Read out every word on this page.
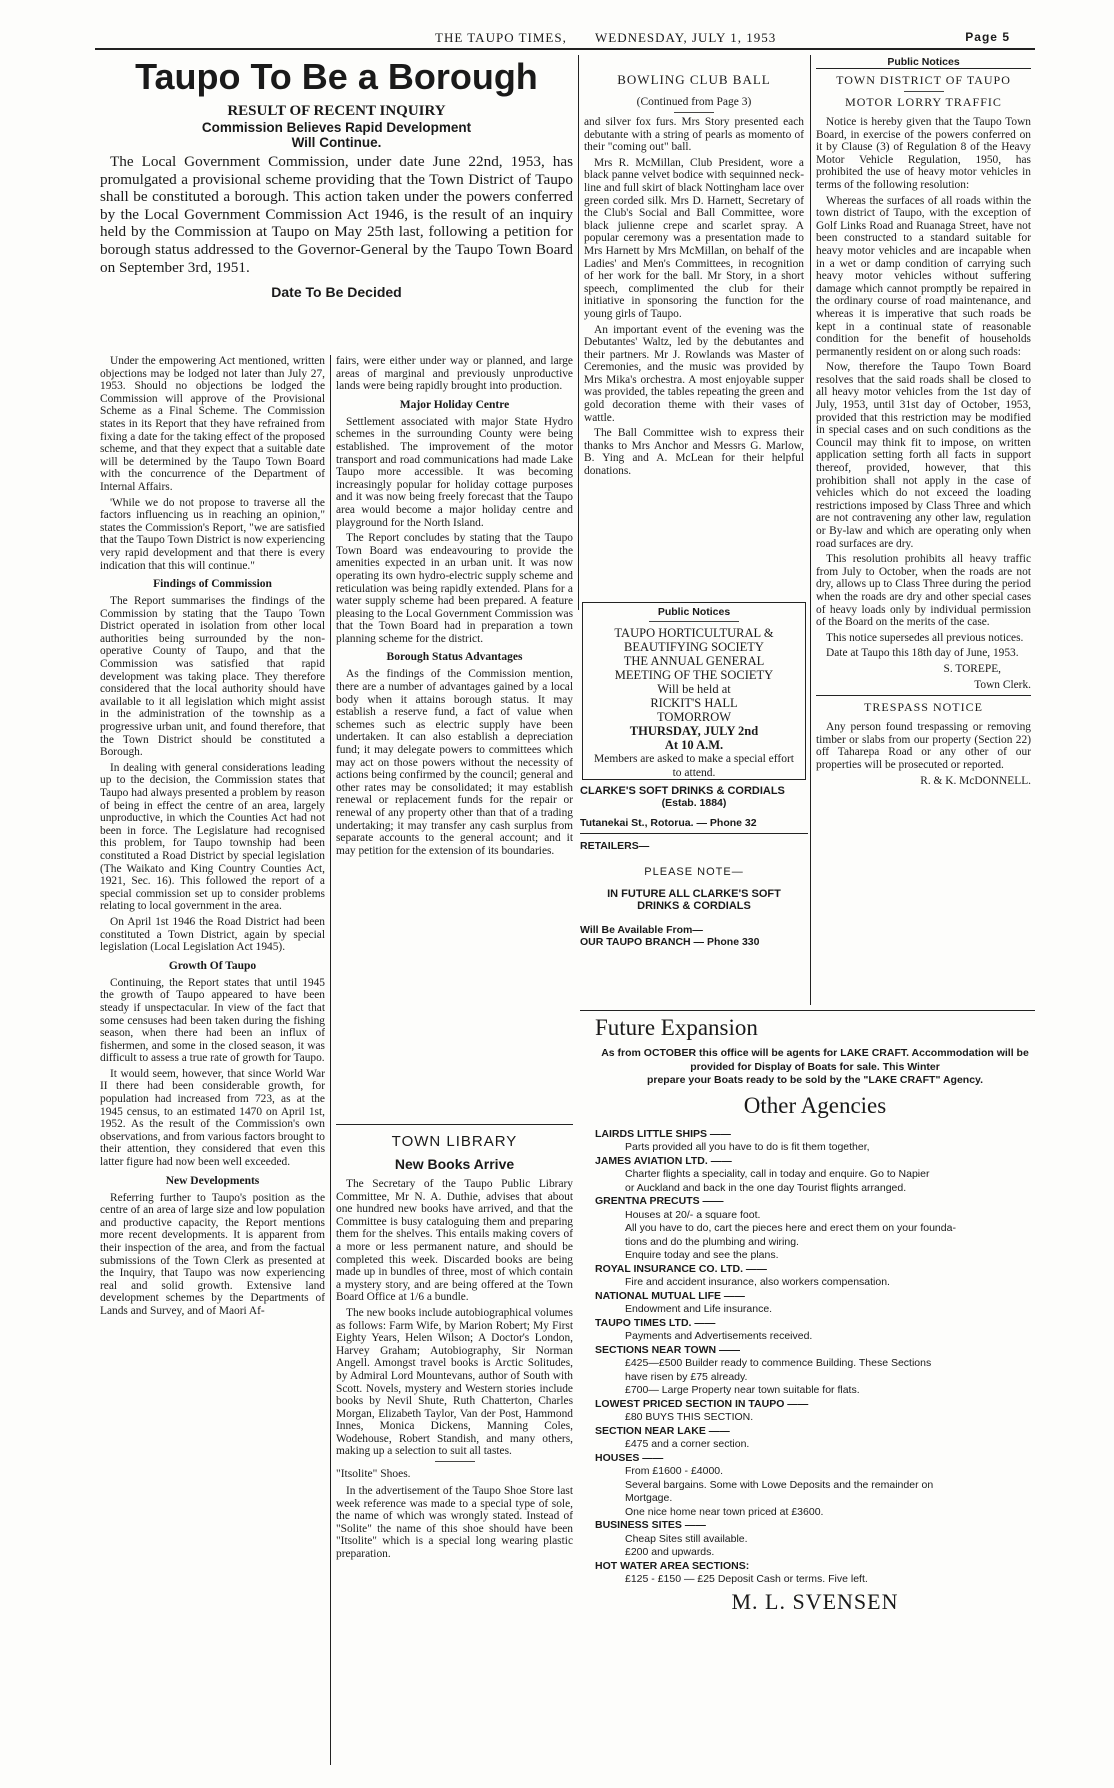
THE TAUPO TIMES, WEDNESDAY, JULY 1, 1953	Page 5
Taupo To Be a Borough
RESULT OF RECENT INQUIRY
Commission Believes Rapid Development
Will Continue.

The Local Government Commission, under date June 22nd, 1953, has promulgated a provisional scheme providing that the Town District of Taupo shall be constituted a borough. This action taken under the powers conferred by the Local Government Commission Act 1946, is the result of an inquiry held by the Commission at Taupo on May 25th last, following a petition for borough status addressed to the Governor-General by the Taupo Town Board on September 3rd, 1951.

Date To Be Decided

Under the empowering Act mentioned, written objections may be lodged not later than July 27, 1953. Should no objections be lodged the Commission will approve of the Provisional Scheme as a Final Scheme. The Commission states in its Report that they have refrained from fixing a date for the taking effect of the proposed scheme, and that they expect that a suitable date will be determined by the Taupo Town Board with the concurrence of the Department of Internal Affairs.

'While we do not propose to traverse all the factors influencing us in reaching an opinion," states the Commission's Report, "we are satisfied that the Taupo Town District is now experiencing very rapid development and that there is every indication that this will continue."

Findings of Commission

The Report summarises the findings of the Commission by stating that the Taupo Town District operated in isolation from other local authorities being surrounded by the non-operative County of Taupo, and that the Commission was satisfied that rapid development was taking place. They therefore considered that the local authority should have available to it all legislation which might assist in the administration of the township as a progressive urban unit, and found therefore, that the Town District should be constituted a Borough.

In dealing with general considerations leading up to the decision, the Commission states that Taupo had always presented a problem by reason of being in effect the centre of an area, largely unproductive, in which the Counties Act had not been in force. The Legislature had recognised this problem, for Taupo township had been constituted a Road District by special legislation (The Waikato and King Country Counties Act, 1921, Sec. 16). This followed the report of a special commission set up to consider problems relating to local government in the area.

On April 1st 1946 the Road District had been constituted a Town District, again by special legislation (Local Legislation Act 1945).

Growth Of Taupo

Continuing, the Report states that until 1945 the growth of Taupo appeared to have been steady if unspectacular. In view of the fact that some censuses had been taken during the fishing season, when there had been an influx of fishermen, and some in the closed season, it was difficult to assess a true rate of growth for Taupo.

It would seem, however, that since World War II there had been considerable growth, for population had increased from 723, as at the 1945 census, to an estimated 1470 on April 1st, 1952. As the result of the Commission's own observations, and from various factors brought to their attention, they considered that even this latter figure had now been well exceeded.

New Developments

Referring further to Taupo's position as the centre of an area of large size and low population and productive capacity, the Report mentions more recent developments. It is apparent from their inspection of the area, and from the factual submissions of the Town Clerk as presented at the Inquiry, that Taupo was now experiencing real and solid growth. Extensive land development schemes by the Departments of Lands and Survey, and of Maori Af-

fairs, were either under way or planned, and large areas of marginal and previously unproductive lands were being rapidly brought into production.

Major Holiday Centre

Settlement associated with major State Hydro schemes in the surrounding County were being established. The improvement of the motor transport and road communications had made Lake Taupo more accessible. It was becoming increasingly popular for holiday cottage purposes and it was now being freely forecast that the Taupo area would become a major holiday centre and playground for the North Island.

The Report concludes by stating that the Taupo Town Board was endeavouring to provide the amenities expected in an urban unit. It was now operating its own hydro-electric supply scheme and reticulation was being rapidly extended. Plans for a water supply scheme had been prepared. A feature pleasing to the Local Government Commission was that the Town Board had in preparation a town planning scheme for the district.

Borough Status Advantages

As the findings of the Commission mention, there are a number of advantages gained by a local body when it attains borough status. It may establish a reserve fund, a fact of value when schemes such as electric supply have been undertaken. It can also establish a depreciation fund; it may delegate powers to committees which may act on those powers without the necessity of actions being confirmed by the council; general and other rates may be consolidated; it may establish renewal or replacement funds for the repair or renewal of any property other than that of a trading undertaking; it may transfer any cash surplus from separate accounts to the general account; and it may petition for the extension of its boundaries.

TOWN LIBRARY
New Books Arrive

The Secretary of the Taupo Public Library Committee, Mr N. A. Duthie, advises that about one hundred new books have arrived, and that the Committee is busy cataloguing them and preparing them for the shelves. This entails making covers of a more or less permanent nature, and should be completed this week. Discarded books are being made up in bundles of three, most of which contain a mystery story, and are being offered at the Town Board Office at 1/6 a bundle.

The new books include autobiographical volumes as follows: Farm Wife, by Marion Robert; My First Eighty Years, Helen Wilson; A Doctor's London, Harvey Graham; Autobiography, Sir Norman Angell. Amongst travel books is Arctic Solitudes, by Admiral Lord Mountevans, author of South with Scott. Novels, mystery and Western stories include books by Nevil Shute, Ruth Chatterton, Charles Morgan, Elizabeth Taylor, Van der Post, Hammond Innes, Monica Dickens, Manning Coles, Wodehouse, Robert Standish, and many others, making up a selection to suit all tastes.

"Itsolite" Shoes.

In the advertisement of the Taupo Shoe Store last week reference was made to a special type of sole, the name of which was wrongly stated. Instead of "Solite" the name of this shoe should have been "Itsolite" which is a special long wearing plastic preparation.

BOWLING CLUB BALL
(Continued from Page 3)

and silver fox furs. Mrs Story presented each debutante with a string of pearls as momento of their "coming out" ball.

Mrs R. McMillan, Club President, wore a black panne velvet bodice with sequinned neck-line and full skirt of black Nottingham lace over green corded silk. Mrs D. Harnett, Secretary of the Club's Social and Ball Committee, wore black julienne crepe and scarlet spray. A popular ceremony was a presentation made to Mrs Harnett by Mrs McMillan, on behalf of the Ladies' and Men's Committees, in recognition of her work for the ball. Mr Story, in a short speech, complimented the club for their initiative in sponsoring the function for the young girls of Taupo.

An important event of the evening was the Debutantes' Waltz, led by the debutantes and their partners. Mr J. Rowlands was Master of Ceremonies, and the music was provided by Mrs Mika's orchestra. A most enjoyable supper was provided, the tables repeating the green and gold decoration theme with their vases of wattle.

The Ball Committee wish to express their thanks to Mrs Anchor and Messrs G. Marlow, B. Ying and A. McLean for their helpful donations.

Public Notices
TAUPO HORTICULTURAL &
BEAUTIFYING SOCIETY
THE ANNUAL GENERAL
MEETING OF THE SOCIETY
Will be held at
RICKIT'S HALL
TOMORROW
THURSDAY, JULY 2nd
At 10 A.M.
Members are asked to make a special effort to attend.
CLARKE'S SOFT DRINKS & CORDIALS
(Estab. 1884)
Tutanekai St., Rotorua. — Phone 32
RETAILERS—
PLEASE NOTE—
IN FUTURE ALL CLARKE'S SOFT
DRINKS & CORDIALS
Will Be Available From—
OUR TAUPO BRANCH — Phone 330
Public Notices
TOWN DISTRICT OF TAUPO
MOTOR LORRY TRAFFIC

Notice is hereby given that the Taupo Town Board, in exercise of the powers conferred on it by Clause (3) of Regulation 8 of the Heavy Motor Vehicle Regulation, 1950, has prohibited the use of heavy motor vehicles in terms of the following resolution:

Whereas the surfaces of all roads within the town district of Taupo, with the exception of Golf Links Road and Ruanaga Street, have not been constructed to a standard suitable for heavy motor vehicles and are incapable when in a wet or damp condition of carrying such heavy motor vehicles without suffering damage which cannot promptly be repaired in the ordinary course of road maintenance, and whereas it is imperative that such roads be kept in a continual state of reasonable condition for the benefit of households permanently resident on or along such roads:

Now, therefore the Taupo Town Board resolves that the said roads shall be closed to all heavy motor vehicles from the 1st day of July, 1953, until 31st day of October, 1953, provided that this restriction may be modified in special cases and on such conditions as the Council may think fit to impose, on written application setting forth all facts in support thereof, provided, however, that this prohibition shall not apply in the case of vehicles which do not exceed the loading restrictions imposed by Class Three and which are not contravening any other law, regulation or By-law and which are operating only when road surfaces are dry.

This resolution prohibits all heavy traffic from July to October, when the roads are not dry, allows up to Class Three during the period when the roads are dry and other special cases of heavy loads only by individual permission of the Board on the merits of the case.

This notice supersedes all previous notices.

Date at Taupo this 18th day of June, 1953.

S. TOREPE,

Town Clerk.

TRESPASS NOTICE

Any person found trespassing or removing timber or slabs from our property (Section 22) off Taharepa Road or any other of our properties will be prosecuted or reported.

R. & K. McDONNELL.

Future Expansion
As from OCTOBER this office will be agents for LAKE CRAFT. Accommodation will be provided for Display of Boats for sale. This Winter
prepare your Boats ready to be sold by the "LAKE CRAFT" Agency.
Other Agencies
LAIRDS LITTLE SHIPS ——
Parts provided all you have to do is fit them together,
JAMES AVIATION LTD. ——
Charter flights a speciality, call in today and enquire. Go to Napier
or Auckland and back in the one day Tourist flights arranged.
GRENTNA PRECUTS ——
Houses at 20/- a square foot.
All you have to do, cart the pieces here and erect them on your founda-
tions and do the plumbing and wiring.
Enquire today and see the plans.
ROYAL INSURANCE CO. LTD. ——
Fire and accident insurance, also workers compensation.
NATIONAL MUTUAL LIFE ——
Endowment and Life insurance.
TAUPO TIMES LTD. ——
Payments and Advertisements received.
SECTIONS NEAR TOWN ——
£425—£500 Builder ready to commence Building. These Sections
have risen by £75 already.
£700— Large Property near town suitable for flats.
LOWEST PRICED SECTION IN TAUPO ——
£80 BUYS THIS SECTION.
SECTION NEAR LAKE ——
£475 and a corner section.
HOUSES ——
From £1600 - £4000.
Several bargains. Some with Lowe Deposits and the remainder on
Mortgage.
One nice home near town priced at £3600.
BUSINESS SITES ——
Cheap Sites still available.
£200 and upwards.
HOT WATER AREA SECTIONS:
£125 - £150 — £25 Deposit Cash or terms. Five left.
M. L. SVENSEN
